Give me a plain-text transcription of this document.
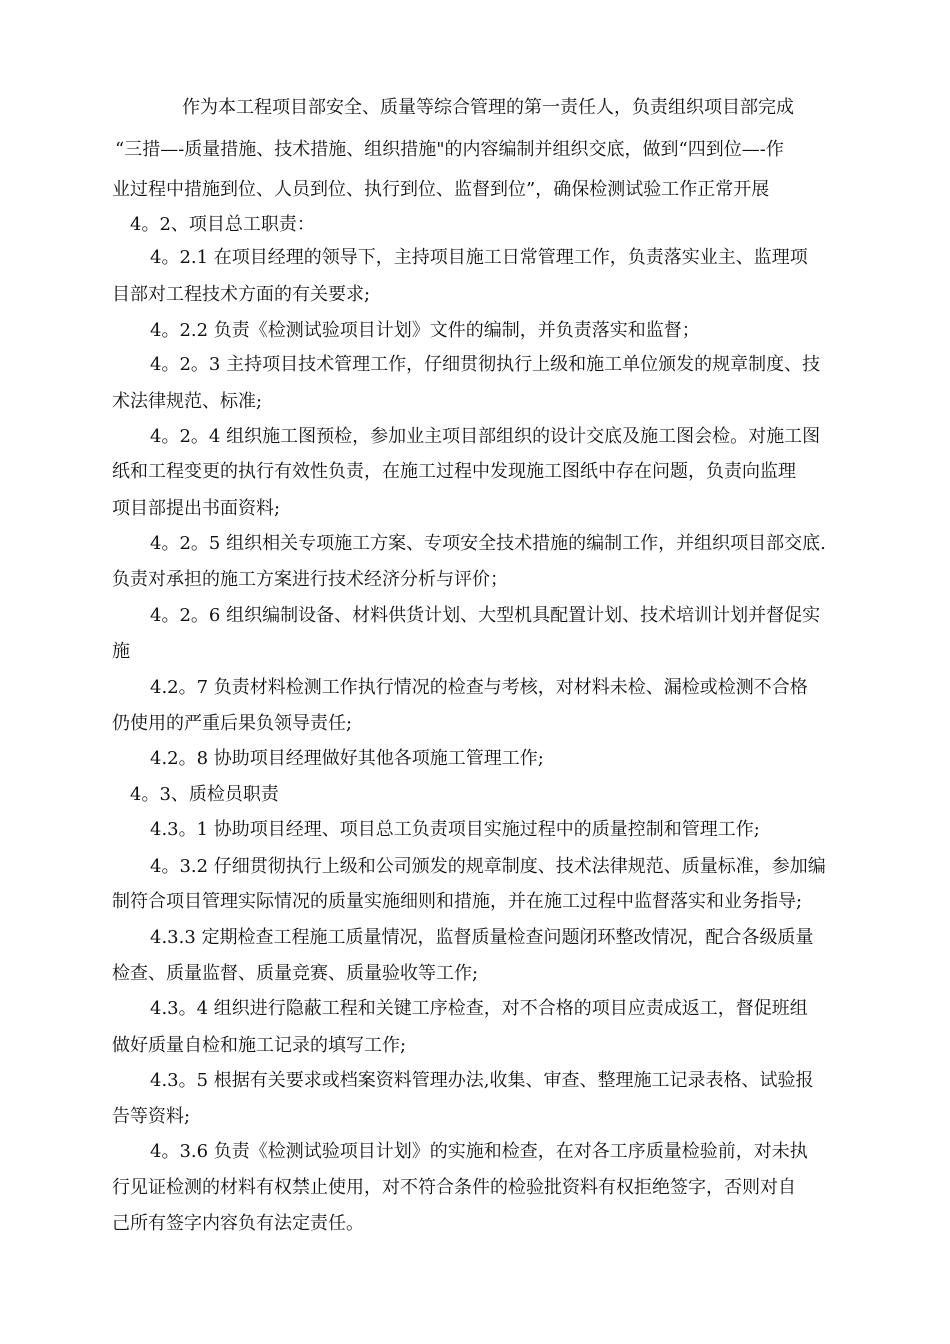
作为本工程项目部安全、质量等综合管理的第一责任人，负责组织项目部完成
“三措—-质量措施、技术措施、组织措施"的内容编制并组织交底，做到“四到位—-作
业过程中措施到位、人员到位、执行到位、监督到位”，确保检测试验工作正常开展
4。2、项目总工职责：
4。2.1 在项目经理的领导下，主持项目施工日常管理工作，负责落实业主、监理项
目部对工程技术方面的有关要求;
4。2.2 负责《检测试验项目计划》文件的编制，并负责落实和监督；
4。2。3 主持项目技术管理工作，仔细贯彻执行上级和施工单位颁发的规章制度、技
术法律规范、标准;
4。2。4 组织施工图预检，参加业主项目部组织的设计交底及施工图会检。对施工图
纸和工程变更的执行有效性负责，在施工过程中发现施工图纸中存在问题，负责向监理
项目部提出书面资料;
4。2。5 组织相关专项施工方案、专项安全技术措施的编制工作，并组织项目部交底.
负责对承担的施工方案进行技术经济分析与评价；
4。2。6 组织编制设备、材料供货计划、大型机具配置计划、技术培训计划并督促实
施
4.2。7 负责材料检测工作执行情况的检查与考核，对材料未检、漏检或检测不合格
仍使用的严重后果负领导责任;
4.2。8 协助项目经理做好其他各项施工管理工作;
4。3、质检员职责
4.3。1 协助项目经理、项目总工负责项目实施过程中的质量控制和管理工作;
4。3.2 仔细贯彻执行上级和公司颁发的规章制度、技术法律规范、质量标准，参加编
制符合项目管理实际情况的质量实施细则和措施，并在施工过程中监督落实和业务指导;
4.3.3 定期检查工程施工质量情况，监督质量检查问题闭环整改情况，配合各级质量
检查、质量监督、质量竞赛、质量验收等工作;
4.3。4 组织进行隐蔽工程和关键工序检查，对不合格的项目应责成返工，督促班组
做好质量自检和施工记录的填写工作;
4.3。5 根据有关要求或档案资料管理办法,收集、审查、整理施工记录表格、试验报
告等资料;
4。3.6 负责《检测试验项目计划》的实施和检查，在对各工序质量检验前，对未执
行见证检测的材料有权禁止使用，对不符合条件的检验批资料有权拒绝签字，否则对自
己所有签字内容负有法定责任。
